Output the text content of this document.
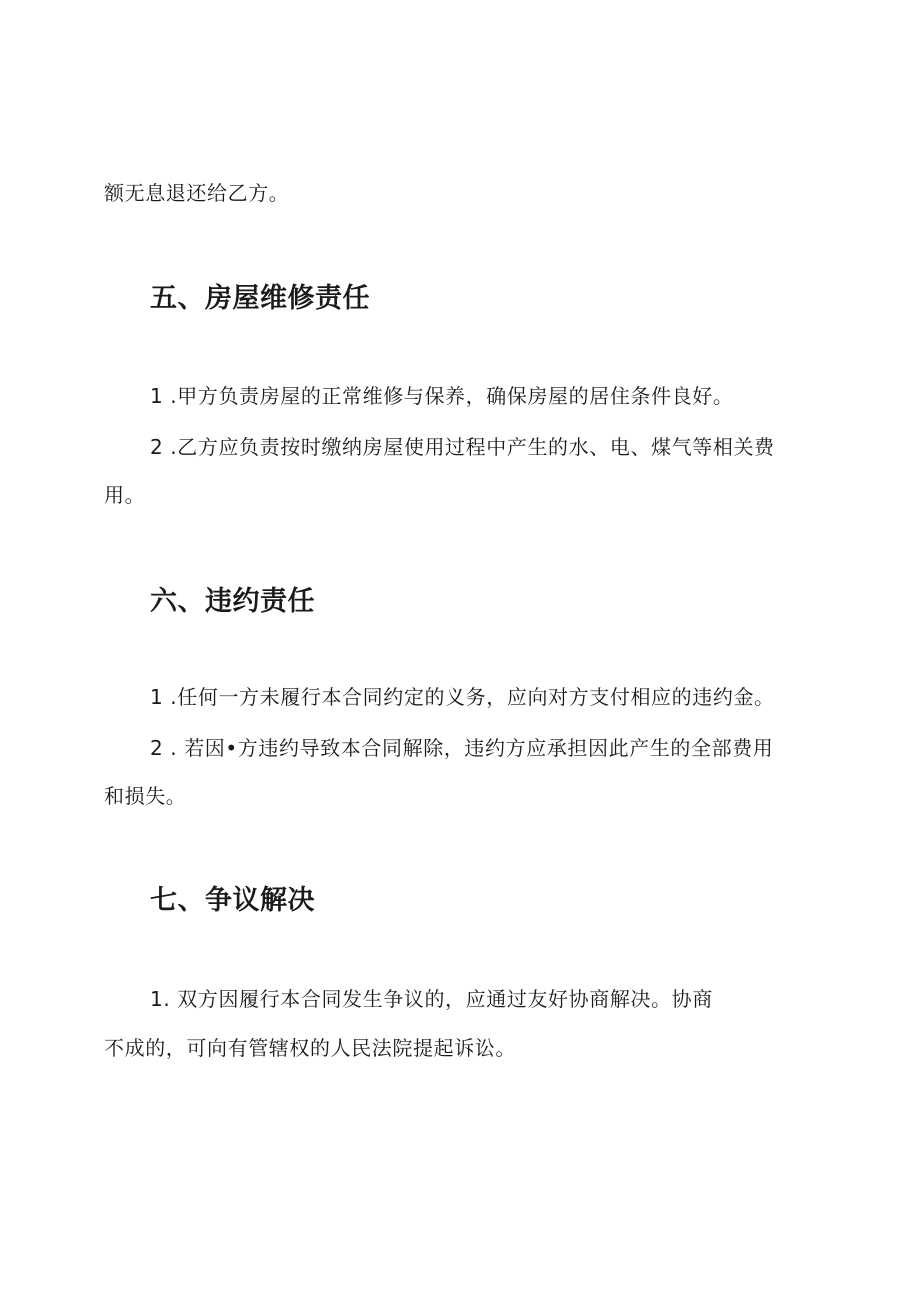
额无息退还给乙方。
五、房屋维修责任
1 .甲方负责房屋的正常维修与保养，确保房屋的居住条件良好。
2 .乙方应负责按时缴纳房屋使用过程中产生的水、电、煤气等相关费
用。
六、违约责任
1 .任何一方未履行本合同约定的义务，应向对方支付相应的违约金。
2 . 若因•方违约导致本合同解除，违约方应承担因此产生的全部费用
和损失。
七、争议解决
1. 双方因履行本合同发生争议的，应通过友好协商解决。协商
不成的，可向有管辖权的人民法院提起诉讼。
